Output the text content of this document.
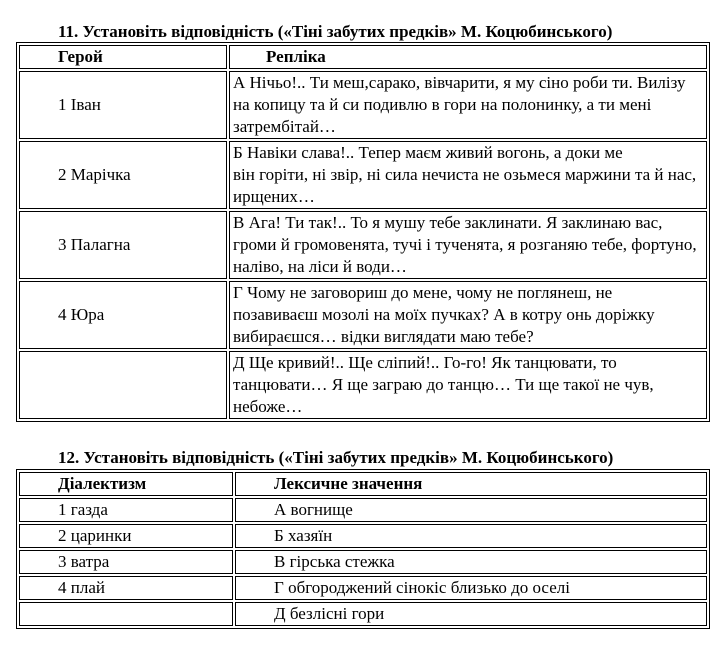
11. Установіть відповідність («Тіні забутих предків» М. Коцюбинського)
Герой	Репліка
1 Іван	А Нічьо!.. Ти меш,сарако, вівчарити, я му сіно роби ти. Вилізу
на копицу та й си подивлю в гори на полонинку, а ти мені
затрембітай…

2 Марічка	Б Навіки слава!.. Тепер маєм живий вогонь, а доки ме
він горіти, ні звір, ні сила нечиста не озьмеся маржини та й нас,
ирщених…

3 Палагна	В Ага! Ти так!.. То я мушу тебе заклинати. Я заклинаю вас,
громи й громовенята, тучі і тученята, я розганяю тебе, фортуно,
наліво, на ліси й води…

4 Юра	Г Чому не заговориш до мене, чому не поглянеш, не
позавиваєш мозолі на моїх пучках? А в котру онь доріжку
вибираєшся… відки виглядати маю тебе?

	Д Ще кривий!.. Ще сліпий!.. Го-го! Як танцювати, то
танцювати… Я ще заграю до танцю… Ти ще такої не чув,
небоже…
12. Установіть відповідність («Тіні забутих предків» М. Коцюбинського)
Діалектизм	Лексичне значення
1 газда	А вогнище
2 царинки	Б хазяїн
3 ватра	В гірська стежка
4 плай	Г обгороджений сінокіс близько до оселі
	Д безлісні гори
